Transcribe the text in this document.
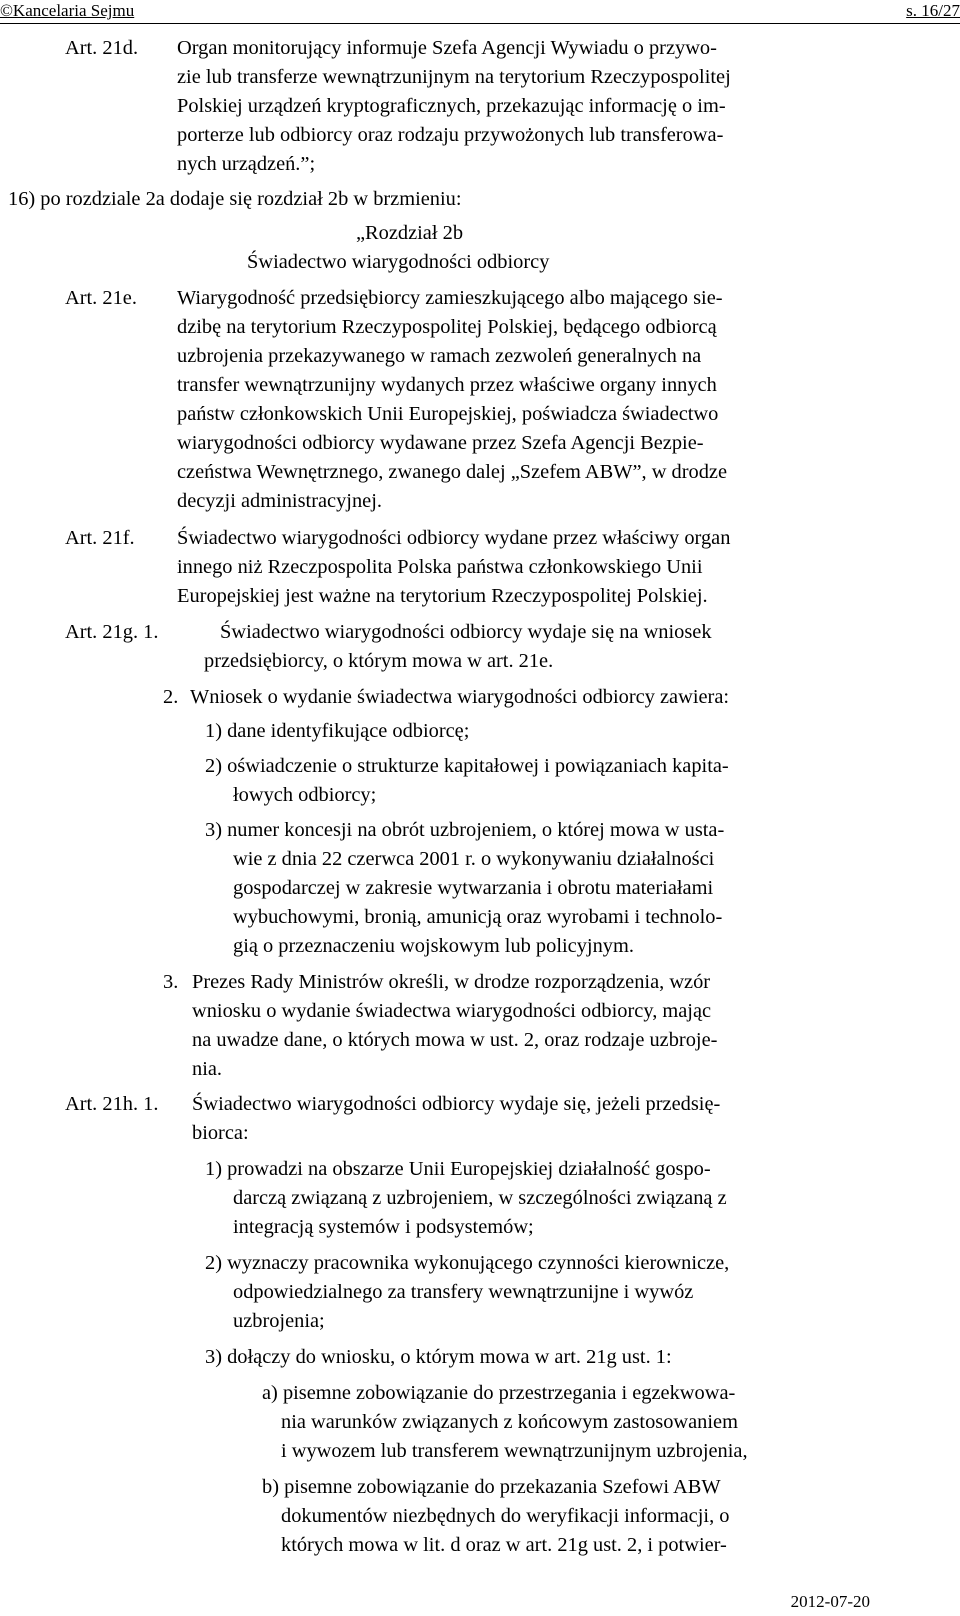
©Kancelaria Sejmu	s. 16/27

Art. 21d. Organ monitorujący informuje Szefa Agencji Wywiadu o przywo-

zie lub transferze wewnątrzunijnym na terytorium Rzeczypospolitej

Polskiej urządzeń kryptograficznych, przekazując informację o im-

porterze lub odbiorcy oraz rodzaju przywożonych lub transferowa-

nych urządzeń.”;

16) po rozdziale 2a dodaje się rozdział 2b w brzmieniu:

„Rozdział 2b

Świadectwo wiarygodności odbiorcy

Art. 21e. Wiarygodność przedsiębiorcy zamieszkującego albo mającego sie-

dzibę na terytorium Rzeczypospolitej Polskiej, będącego odbiorcą

uzbrojenia przekazywanego w ramach zezwoleń generalnych na

transfer wewnątrzunijny wydanych przez właściwe organy innych

państw członkowskich Unii Europejskiej, poświadcza świadectwo

wiarygodności odbiorcy wydawane przez Szefa Agencji Bezpie-

czeństwa Wewnętrznego, zwanego dalej „Szefem ABW”, w drodze

decyzji administracyjnej.

Art. 21f. Świadectwo wiarygodności odbiorcy wydane przez właściwy organ

innego niż Rzeczpospolita Polska państwa członkowskiego Unii

Europejskiej jest ważne na terytorium Rzeczypospolitej Polskiej.

Art. 21g. 1.	Świadectwo wiarygodności odbiorcy wydaje się na wniosek

przedsiębiorcy, o którym mowa w art. 21e.

2. Wniosek o wydanie świadectwa wiarygodności odbiorcy zawiera:

1) dane identyfikujące odbiorcę;

2) oświadczenie o strukturze kapitałowej i powiązaniach kapita-

łowych odbiorcy;

3) numer koncesji na obrót uzbrojeniem, o której mowa w usta-

wie z dnia 22 czerwca 2001 r. o wykonywaniu działalności

gospodarczej w zakresie wytwarzania i obrotu materiałami

wybuchowymi, bronią, amunicją oraz wyrobami i technolo-

gią o przeznaczeniu wojskowym lub policyjnym.

3. Prezes Rady Ministrów określi, w drodze rozporządzenia, wzór

wniosku o wydanie świadectwa wiarygodności odbiorcy, mając

na uwadze dane, o których mowa w ust. 2, oraz rodzaje uzbroje-

nia.

Art. 21h. 1. Świadectwo wiarygodności odbiorcy wydaje się, jeżeli przedsię-

biorca:

1) prowadzi na obszarze Unii Europejskiej działalność gospo-

darczą związaną z uzbrojeniem, w szczególności związaną z

integracją systemów i podsystemów;

2) wyznaczy pracownika wykonującego czynności kierownicze,

odpowiedzialnego za transfery wewnątrzunijne i wywóz

uzbrojenia;

3) dołączy do wniosku, o którym mowa w art. 21g ust. 1:

a) pisemne zobowiązanie do przestrzegania i egzekwowa-

nia warunków związanych z końcowym zastosowaniem

i wywozem lub transferem wewnątrzunijnym uzbrojenia,

b) pisemne zobowiązanie do przekazania Szefowi ABW

dokumentów niezbędnych do weryfikacji informacji, o

których mowa w lit. d oraz w art. 21g ust. 2, i potwier-

2012-07-20
